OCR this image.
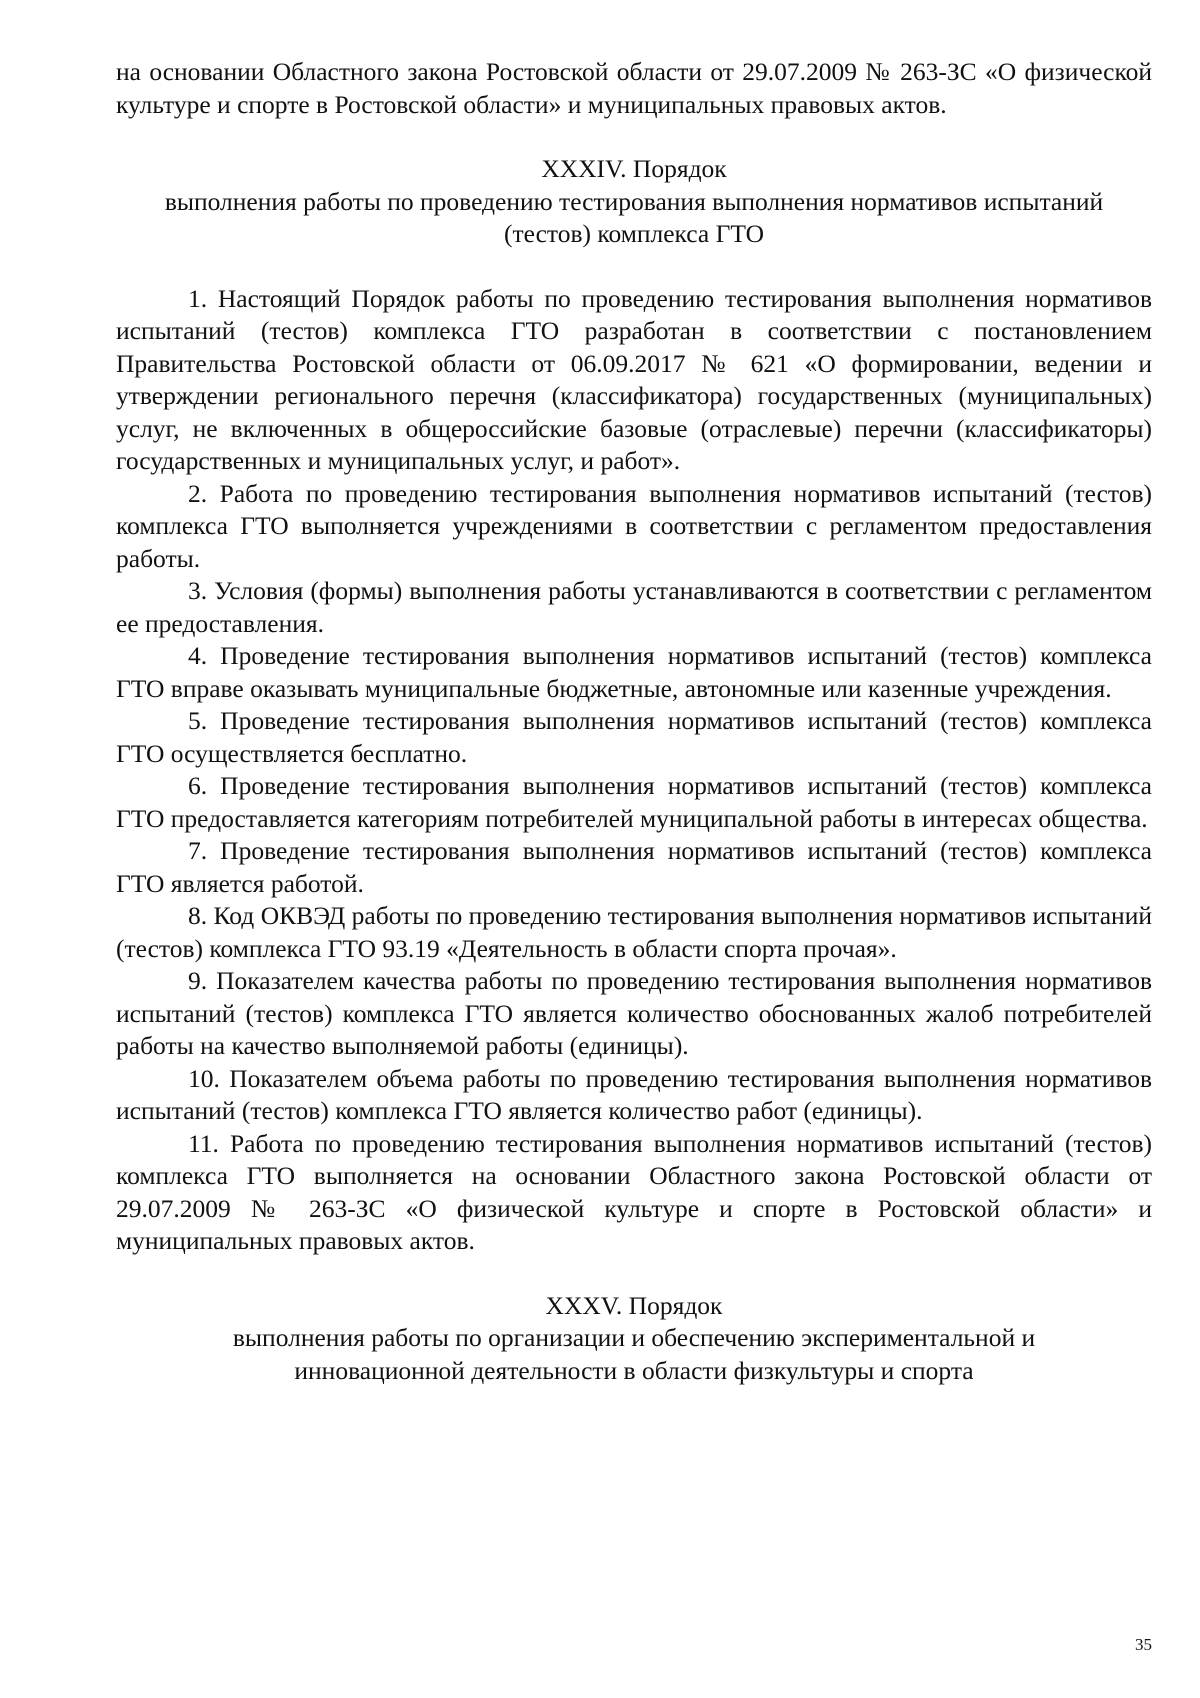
на основании Областного закона Ростовской области от 29.07.2009 № 263-ЗС «О физической культуре и спорте в Ростовской области» и муниципальных правовых актов.

XXXIV. Порядок
выполнения работы по проведению тестирования выполнения нормативов испытаний (тестов) комплекса ГТО

1. Настоящий Порядок работы по проведению тестирования выполнения нормативов испытаний (тестов) комплекса ГТО разработан в соответствии с постановлением Правительства Ростовской области от 06.09.2017 № 621 «О формировании, ведении и утверждении регионального перечня (классификатора) государственных (муниципальных) услуг, не включенных в общероссийские базовые (отраслевые) перечни (классификаторы) государственных и муниципальных услуг, и работ».

2. Работа по проведению тестирования выполнения нормативов испытаний (тестов) комплекса ГТО выполняется учреждениями в соответствии с регламентом предоставления работы.

3. Условия (формы) выполнения работы устанавливаются в соответствии с регламентом ее предоставления.

4. Проведение тестирования выполнения нормативов испытаний (тестов) комплекса ГТО вправе оказывать муниципальные бюджетные, автономные или казенные учреждения.

5. Проведение тестирования выполнения нормативов испытаний (тестов) комплекса ГТО осуществляется бесплатно.

6. Проведение тестирования выполнения нормативов испытаний (тестов) комплекса ГТО предоставляется категориям потребителей муниципальной работы в интересах общества.

7. Проведение тестирования выполнения нормативов испытаний (тестов) комплекса ГТО является работой.

8. Код ОКВЭД работы по проведению тестирования выполнения нормативов испытаний (тестов) комплекса ГТО 93.19 «Деятельность в области спорта прочая».

9. Показателем качества работы по проведению тестирования выполнения нормативов испытаний (тестов) комплекса ГТО является количество обоснованных жалоб потребителей работы на качество выполняемой работы (единицы).

10. Показателем объема работы по проведению тестирования выполнения нормативов испытаний (тестов) комплекса ГТО является количество работ (единицы).

11. Работа по проведению тестирования выполнения нормативов испытаний (тестов) комплекса ГТО выполняется на основании Областного закона Ростовской области от 29.07.2009 № 263-ЗС «О физической культуре и спорте в Ростовской области» и муниципальных правовых актов.

XXXV. Порядок
выполнения работы по организации и обеспечению экспериментальной и
инновационной деятельности в области физкультуры и спорта
35
